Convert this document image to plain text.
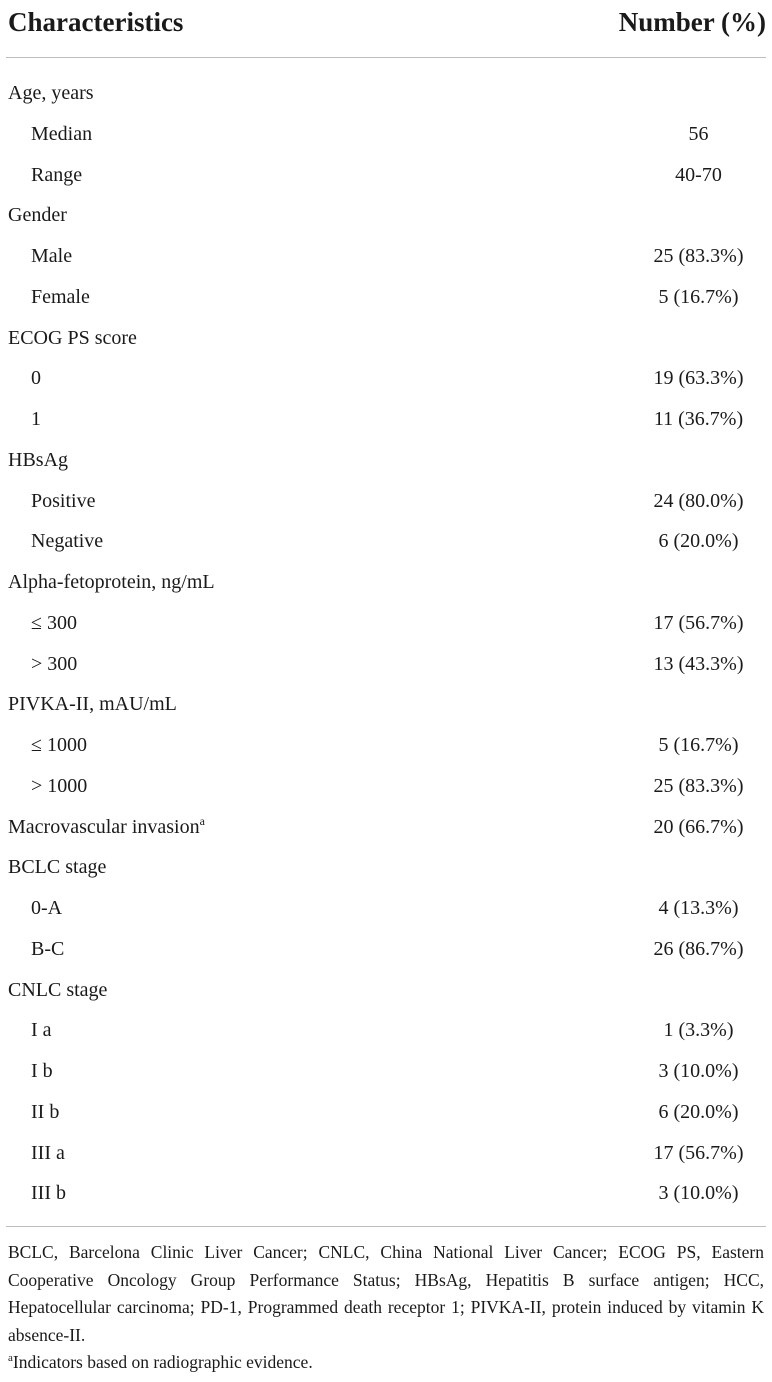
Characteristics	Number (%)
Age, years
Median	56
Range	40-70
Gender
Male	25 (83.3%)
Female	5 (16.7%)
ECOG PS score
0	19 (63.3%)
1	11 (36.7%)
HBsAg
Positive	24 (80.0%)
Negative	6 (20.0%)
Alpha-fetoprotein, ng/mL
≤ 300	17 (56.7%)
> 300	13 (43.3%)
PIVKA-II, mAU/mL
≤ 1000	5 (16.7%)
> 1000	25 (83.3%)
Macrovascular invasion$^a$	20 (66.7%)
BCLC stage
0-A	4 (13.3%)
B-C	26 (86.7%)
CNLC stage
I a	1 (3.3%)
I b	3 (10.0%)
II b	6 (20.0%)
III a	17 (56.7%)
III b	3 (10.0%)

BCLC, Barcelona Clinic Liver Cancer; CNLC, China National Liver Cancer; ECOG PS, Eastern Cooperative Oncology Group Performance Status; HBsAg, Hepatitis B surface antigen; HCC, Hepatocellular carcinoma; PD-1, Programmed death receptor 1; PIVKA-II, protein induced by vitamin K absence-II.

$^a$Indicators based on radiographic evidence.
